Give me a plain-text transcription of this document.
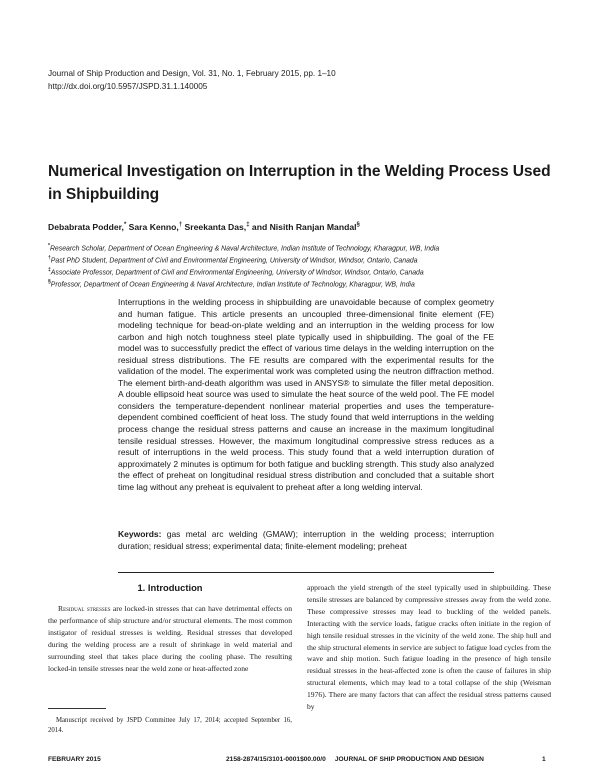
Journal of Ship Production and Design, Vol. 31, No. 1, February 2015, pp. 1–10
http://dx.doi.org/10.5957/JSPD.31.1.140005
Numerical Investigation on Interruption in the Welding Process Used in Shipbuilding
Debabrata Podder,* Sara Kenno,† Sreekanta Das,‡ and Nisith Ranjan Mandal§
*Research Scholar, Department of Ocean Engineering & Naval Architecture, Indian Institute of Technology, Kharagpur, WB, India
†Past PhD Student, Department of Civil and Environmental Engineering, University of Windsor, Windsor, Ontario, Canada
‡Associate Professor, Department of Civil and Environmental Engineering, University of Windsor, Windsor, Ontario, Canada
§Professor, Department of Ocean Engineering & Naval Architecture, Indian Institute of Technology, Kharagpur, WB, India
Interruptions in the welding process in shipbuilding are unavoidable because of complex geometry and human fatigue. This article presents an uncoupled three-dimensional finite element (FE) modeling technique for bead-on-plate welding and an interruption in the welding process for low carbon and high notch toughness steel plate typically used in shipbuilding. The goal of the FE model was to successfully predict the effect of various time delays in the welding interruption on the residual stress distributions. The FE results are compared with the experimental results for the validation of the model. The experimental work was completed using the neutron diffraction method. The element birth-and-death algorithm was used in ANSYS® to simulate the filler metal deposition. A double ellipsoid heat source was used to simulate the heat source of the weld pool. The FE model considers the temperature-dependent nonlinear material properties and uses the temperature-dependent combined coefficient of heat loss. The study found that weld interruptions in the welding process change the residual stress patterns and cause an increase in the maximum longitudinal tensile residual stresses. However, the maximum longitudinal compressive stress reduces as a result of interruptions in the weld process. This study found that a weld interruption duration of approximately 2 minutes is optimum for both fatigue and buckling strength. This study also analyzed the effect of preheat on longitudinal residual stress distribution and concluded that a suitable short time lag without any preheat is equivalent to preheat after a long welding interval.
Keywords: gas metal arc welding (GMAW); interruption in the welding process; interruption duration; residual stress; experimental data; finite-element modeling; preheat
1. Introduction
Residual stresses are locked-in stresses that can have detrimental effects on the performance of ship structure and/or structural elements. The most common instigator of residual stresses is welding. Residual stresses that developed during the welding process are a result of shrinkage in weld material and surrounding steel that takes place during the cooling phase. The resulting locked-in tensile stresses near the weld zone or heat-affected zone
approach the yield strength of the steel typically used in shipbuilding. These tensile stresses are balanced by compressive stresses away from the weld zone. These compressive stresses may lead to buckling of the welded panels. Interacting with the service loads, fatigue cracks often initiate in the region of high tensile residual stresses in the vicinity of the weld zone. The ship hull and the ship structural elements in service are subject to fatigue load cycles from the wave and ship motion. Such fatigue loading in the presence of high tensile residual stresses in the heat-affected zone is often the cause of failures in ship structural elements, which may lead to a total collapse of the ship (Weisman 1976). There are many factors that can affect the residual stress patterns caused by
Manuscript received by JSPD Committee July 17, 2014; accepted September 16, 2014.
FEBRUARY 2015	2158-2874/15/3101-0001$00.00/0     JOURNAL OF SHIP PRODUCTION AND DESIGN	1
